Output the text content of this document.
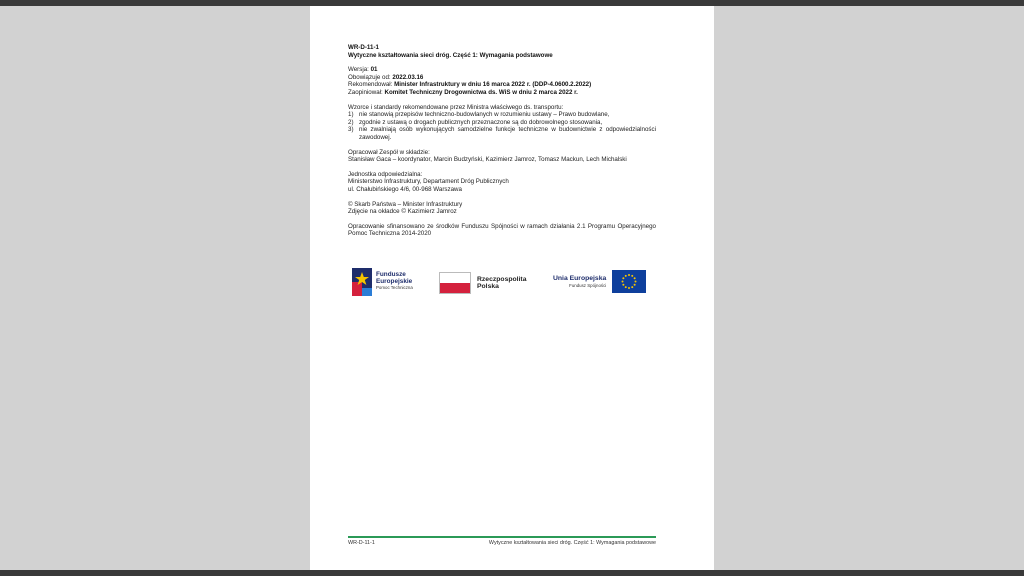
WR-D-11-1
Wytyczne kształtowania sieci dróg. Część 1: Wymagania podstawowe
Wersja: 01
Obowiązuje od: 2022.03.16
Rekomendował: Minister Infrastruktury w dniu 16 marca 2022 r. (DDP-4.0600.2.2022)
Zaopiniował: Komitet Techniczny Drogownictwa ds. WiS w dniu 2 marca 2022 r.
Wzorce i standardy rekomendowane przez Ministra właściwego ds. transportu:
1) nie stanowią przepisów techniczno-budowlanych w rozumieniu ustawy – Prawo budowlane,
2) zgodnie z ustawą o drogach publicznych przeznaczone są do dobrowolnego stosowania,
3) nie zwalniają osób wykonujących samodzielne funkcje techniczne w budownictwie z odpowiedzialności zawodowej.
Opracował Zespół w składzie:
Stanisław Gaca – koordynator, Marcin Budzyński, Kazimierz Jamroz, Tomasz Mackun, Lech Michalski
Jednostka odpowiedzialna:
Ministerstwo Infrastruktury, Departament Dróg Publicznych
ul. Chałubińskiego 4/6, 00-968 Warszawa
© Skarb Państwa – Minister Infrastruktury
Zdjęcie na okładce © Kazimierz Jamroz
Opracowanie sfinansowano ze środków Funduszu Spójności w ramach działania 2.1 Programu Operacyjnego Pomoc Techniczna 2014-2020
Fundusze
Europejskie
Pomoc Techniczna
Rzeczpospolita
Polska
Unia Europejska
Fundusz Spójności
WR-D-11-1	Wytyczne kształtowania sieci dróg. Część 1: Wymagania podstawowe
